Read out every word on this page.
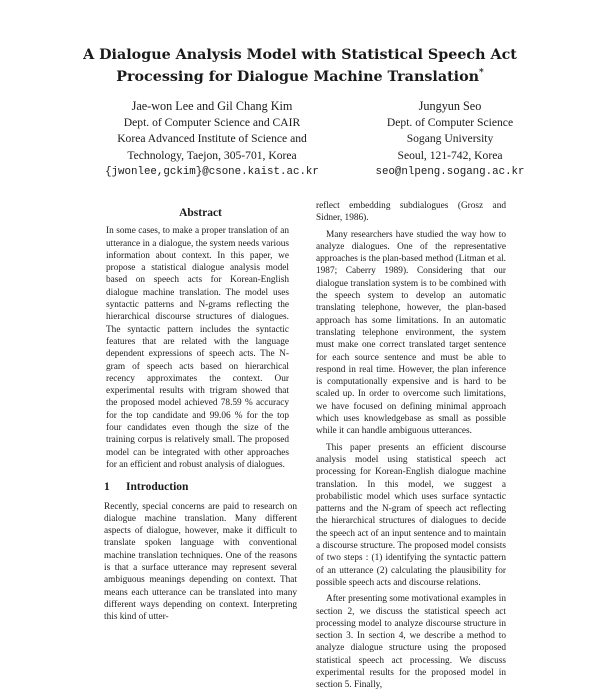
A Dialogue Analysis Model with Statistical Speech Act
Processing for Dialogue Machine Translation*
Jae-won Lee and Gil Chang Kim
Dept. of Computer Science and CAIR
Korea Advanced Institute of Science and
Technology, Taejon, 305-701, Korea
{jwonlee,gckim}@csone.kaist.ac.kr
Jungyun Seo
Dept. of Computer Science
Sogang University
Seoul, 121-742, Korea
seo@nlpeng.sogang.ac.kr
Abstract

In some cases, to make a proper translation of an utterance in a dialogue, the system needs various information about context. In this paper, we propose a statistical dialogue analysis model based on speech acts for Korean-English dialogue machine translation. The model uses syntactic patterns and N-grams reflecting the hierarchical discourse structures of dialogues. The syntactic pattern includes the syntactic features that are related with the language dependent expressions of speech acts. The N-gram of speech acts based on hierarchical recency approximates the context. Our experimental results with trigram showed that the proposed model achieved 78.59 % accuracy for the top candidate and 99.06 % for the top four candidates even though the size of the training corpus is relatively small. The proposed model can be integrated with other approaches for an efficient and robust analysis of dialogues.

1 Introduction

Recently, special concerns are paid to research on dialogue machine translation. Many different aspects of dialogue, however, make it difficult to translate spoken language with conventional machine translation techniques. One of the reasons is that a surface utterance may represent several ambiguous meanings depending on context. That means each utterance can be translated into many different ways depending on context. Interpreting this kind of utter-

reflect embedding subdialogues (Grosz and Sidner, 1986).

Many researchers have studied the way how to analyze dialogues. One of the representative approaches is the plan-based method (Litman et al. 1987; Caberry 1989). Considering that our dialogue translation system is to be combined with the speech system to develop an automatic translating telephone, however, the plan-based approach has some limitations. In an automatic translating telephone environment, the system must make one correct translated target sentence for each source sentence and must be able to respond in real time. However, the plan inference is computationally expensive and is hard to be scaled up. In order to overcome such limitations, we have focused on defining minimal approach which uses knowledgebase as small as possible while it can handle ambiguous utterances.

This paper presents an efficient discourse analysis model using statistical speech act processing for Korean-English dialogue machine translation. In this model, we suggest a probabilistic model which uses surface syntactic patterns and the N-gram of speech act reflecting the hierarchical structures of dialogues to decide the speech act of an input sentence and to maintain a discourse structure. The proposed model consists of two steps : (1) identifying the syntactic pattern of an utterance (2) calculating the plausibility for possible speech acts and discourse relations.

After presenting some motivational examples in section 2, we discuss the statistical speech act processing model to analyze discourse structure in section 3. In section 4, we describe a method to analyze dialogue structure using the proposed statistical speech act processing. We discuss experimental results for the proposed model in section 5. Finally,
